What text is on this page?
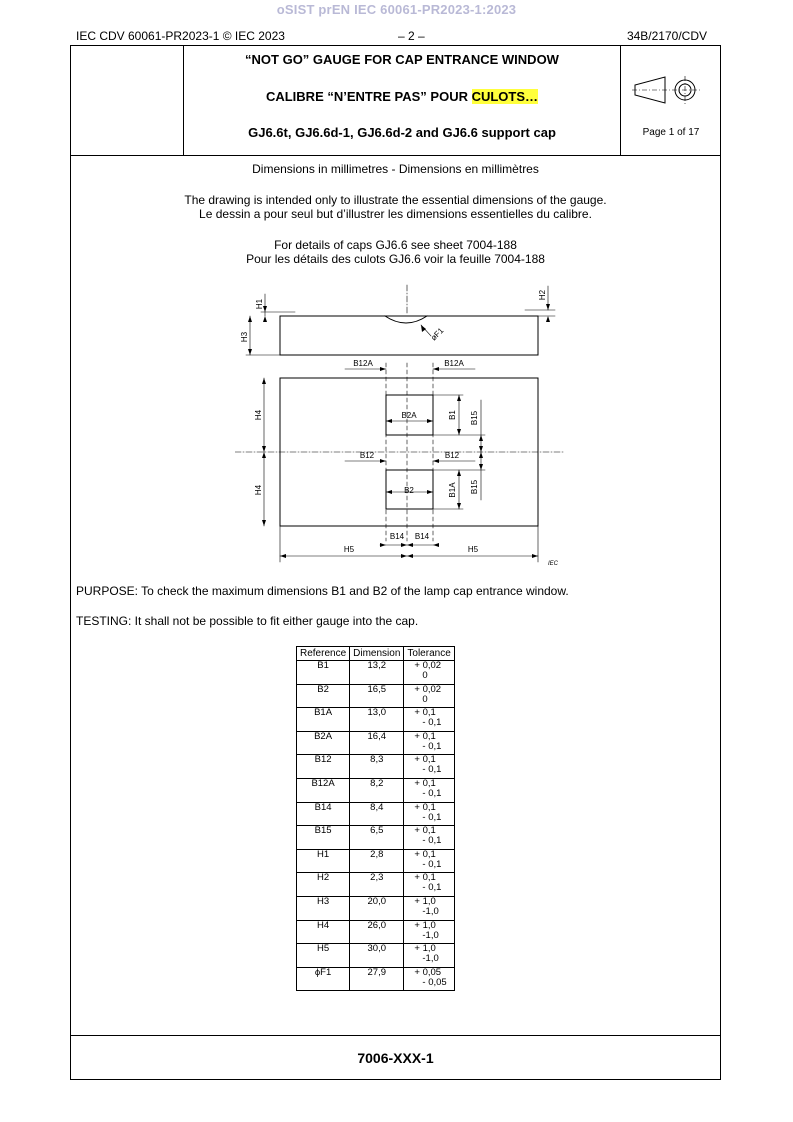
oSIST prEN IEC 60061-PR2023-1:2023
IEC CDV 60061-PR2023-1 © IEC 2023	– 2 –	34B/2170/CDV
“NOT GO” GAUGE FOR CAP ENTRANCE WINDOW
CALIBRE “N’ENTRE PAS” POUR CULOTS…
GJ6.6t, GJ6.6d-1, GJ6.6d-2 and GJ6.6 support cap	Page 1 of 17
Dimensions in millimetres - Dimensions en millimètres
The drawing is intended only to illustrate the essential dimensions of the gauge.
Le dessin a pour seul but d’illustrer les dimensions essentielles du calibre.
For details of caps GJ6.6 see sheet 7004-188
Pour les détails des culots GJ6.6 voir la feuille 7004-188
H1
H3
H2
øF1
B12A	B12A
H4
H4
B2A	B1 B15
B12	B12
B2	B1A B15
B14 B14
H5	H5
IEC
PURPOSE: To check the maximum dimensions B1 and B2 of the lamp cap entrance window.
TESTING: It shall not be possible to fit either gauge into the cap.
Reference	Dimension	Tolerance
B1	13,2	+ 0,02
0

B2	16,5	+ 0,02
0

B1A	13,0	+ 0,1
- 0,1

B2A	16,4	+ 0,1
- 0,1

B12	8,3	+ 0,1
- 0,1

B12A	8,2	+ 0,1
- 0,1

B14	8,4	+ 0,1
- 0,1

B15	6,5	+ 0,1
- 0,1

H1	2,8	+ 0,1
- 0,1

H2	2,3	+ 0,1
- 0,1

H3	20,0	+ 1,0
-1,0

H4	26,0	+ 1,0
-1,0

H5	30,0	+ 1,0
-1,0

ϕF1	27,9	+ 0,05
- 0,05
7006-XXX-1
